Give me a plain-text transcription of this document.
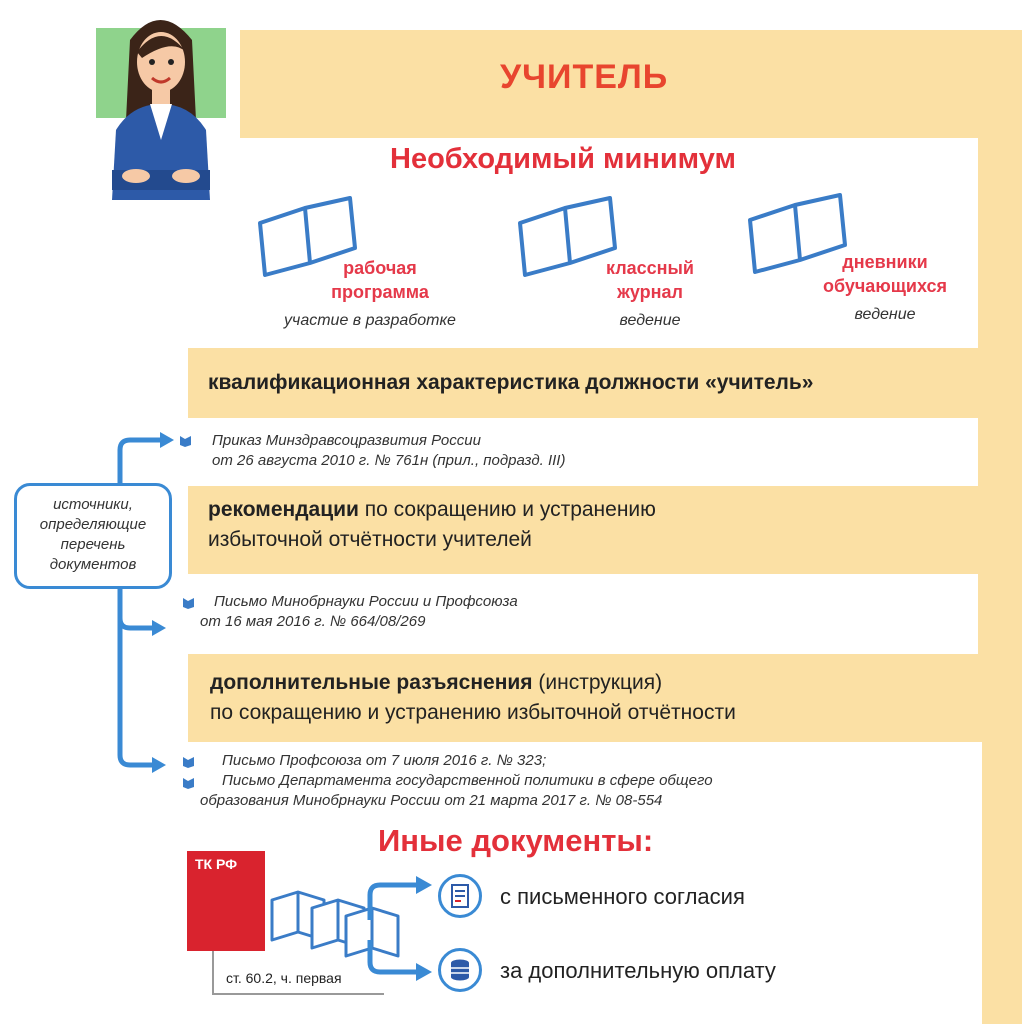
УЧИТЕЛЬ
Необходимый минимум
рабочая
программа
участие в разработке
классный
журнал
ведение
дневники
обучающихся
ведение
квалификационная характеристика должности «учитель»
Приказ Минздравсоцразвития России
от 26 августа 2010 г. № 761н (прил., подразд. III)
рекомендации по сокращению и устранению
избыточной отчётности учителей
Письмо Минобрнауки России и Профсоюза
от 16 мая 2016 г. № 664/08/269
дополнительные разъяснения (инструкция)
по сокращению и устранению избыточной отчётности
Письмо Профсоюза от 7 июля 2016 г. № 323;
Письмо Департамента государственной политики в сфере общего
образования Минобрнауки России от 21 марта 2017 г. № 08-554
источники,
определяющие
перечень
документов
Иные документы:
ТК РФ
ст. 60.2, ч. первая
с письменного согласия
за дополнительную оплату
